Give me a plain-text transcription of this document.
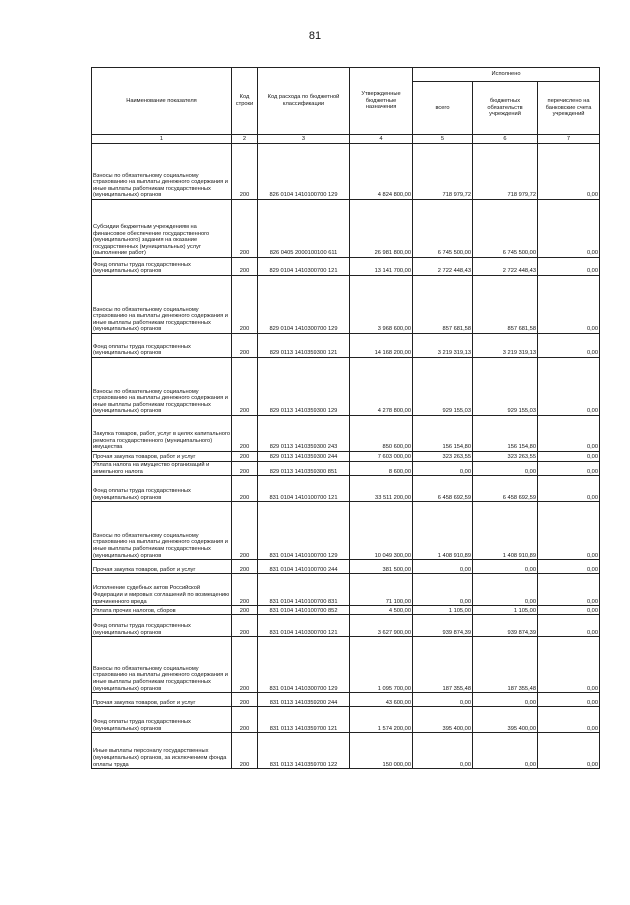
81
Наименование показателя	Код строки	Код расхода по бюджетной классификации	Утвержденные бюджетные назначения	Исполнено		
				всего	бюджетных обязательств учреждений	перечислено на банковские счета учреждений
1	2	3	4	5	6	7
Взносы по обязательному социальному страхованию на выплаты денежного содержания и иные выплаты работникам государственных (муниципальных) органов	200	826 0104 1410100700 129	4 824 800,00	718 979,72	718 979,72	0,00
Субсидии бюджетным учреждениям на финансовое обеспечение государственного (муниципального) задания на оказание государственных (муниципальных) услуг (выполнение работ)	200	826 0405 2000100100 611	26 981 800,00	6 745 500,00	6 745 500,00	0,00
Фонд оплаты труда государственных (муниципальных) органов	200	829 0104 1410300700 121	13 141 700,00	2 722 448,43	2 722 448,43	0,00
Взносы по обязательному социальному страхованию на выплаты денежного содержания и иные выплаты работникам государственных (муниципальных) органов	200	829 0104 1410300700 129	3 968 600,00	857 681,58	857 681,58	0,00
Фонд оплаты труда государственных (муниципальных) органов	200	829 0113 1410359300 121	14 168 200,00	3 219 319,13	3 219 319,13	0,00
Взносы по обязательному социальному страхованию на выплаты денежного содержания и иные выплаты работникам государственных (муниципальных) органов	200	829 0113 1410359300 129	4 278 800,00	929 155,03	929 155,03	0,00
Закупка товаров, работ, услуг в целях капитального ремонта государственного (муниципального) имущества	200	829 0113 1410359300 243	850 600,00	156 154,80	156 154,80	0,00
Прочая закупка товаров, работ и услуг	200	829 0113 1410359300 244	7 603 000,00	323 263,55	323 263,55	0,00
Уплата налога на имущество организаций и земельного налога	200	829 0113 1410359300 851	8 600,00	0,00	0,00	0,00
Фонд оплаты труда государственных (муниципальных) органов	200	831 0104 1410100700 121	33 511 200,00	6 458 692,59	6 458 692,59	0,00
Взносы по обязательному социальному страхованию на выплаты денежного содержания и иные выплаты работникам государственных (муниципальных) органов	200	831 0104 1410100700 129	10 049 300,00	1 408 910,89	1 408 910,89	0,00
Прочая закупка товаров, работ и услуг	200	831 0104 1410100700 244	381 500,00	0,00	0,00	0,00
Исполнение судебных актов Российской Федерации и мировых соглашений по возмещению причиненного вреда	200	831 0104 1410100700 831	71 100,00	0,00	0,00	0,00
Уплата прочих налогов, сборов	200	831 0104 1410100700 852	4 500,00	1 105,00	1 105,00	0,00
Фонд оплаты труда государственных (муниципальных) органов	200	831 0104 1410300700 121	3 627 900,00	939 874,39	939 874,39	0,00
Взносы по обязательному социальному страхованию на выплаты денежного содержания и иные выплаты работникам государственных (муниципальных) органов	200	831 0104 1410300700 129	1 095 700,00	187 355,48	187 355,48	0,00
Прочая закупка товаров, работ и услуг	200	831 0113 1410359200 244	43 600,00	0,00	0,00	0,00
Фонд оплаты труда государственных (муниципальных) органов	200	831 0113 1410359700 121	1 574 200,00	395 400,00	395 400,00	0,00
Иные выплаты персоналу государственных (муниципальных) органов, за исключением фонда оплаты труда	200	831 0113 1410359700 122	150 000,00	0,00	0,00	0,00
